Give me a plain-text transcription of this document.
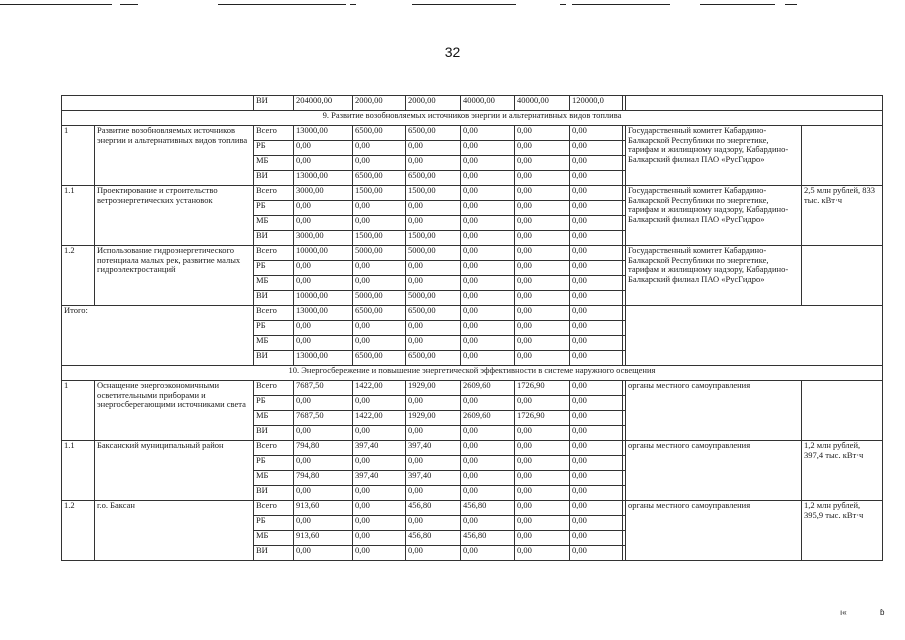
32
		ВИ	204000,00	2000,00	2000,00	40000,00	40000,00	120000,0			
9. Развитие возобновляемых источников энергии и альтернативных видов топлива											
1	Развитие возобновляемых источников энергии и альтернативных видов топлива	Всего	13000,00	6500,00	6500,00	0,00	0,00	0,00		Государственный комитет Кабардино-Балкарской Республики по энергетике, тарифам и жилищному надзору, Кабардино-Балкарский филиал ПАО «РусГидро»	
		РБ	0,00	0,00	0,00	0,00	0,00	0,00			
		МБ	0,00	0,00	0,00	0,00	0,00	0,00			
		ВИ	13000,00	6500,00	6500,00	0,00	0,00	0,00			
1.1	Проектирование и строительство ветроэнергетических установок	Всего	3000,00	1500,00	1500,00	0,00	0,00	0,00		Государственный комитет Кабардино-Балкарской Республики по энергетике, тарифам и жилищному надзору, Кабардино-Балкарский филиал ПАО «РусГидро»	2,5 млн рублей, 833 тыс. кВт·ч
		РБ	0,00	0,00	0,00	0,00	0,00	0,00			
		МБ	0,00	0,00	0,00	0,00	0,00	0,00			
		ВИ	3000,00	1500,00	1500,00	0,00	0,00	0,00			
1.2	Использование гидроэнергетического потенциала малых рек, развитие малых гидроэлектростанций	Всего	10000,00	5000,00	5000,00	0,00	0,00	0,00		Государственный комитет Кабардино-Балкарской Республики по энергетике, тарифам и жилищному надзору, Кабардино-Балкарский филиал ПАО «РусГидро»	
		РБ	0,00	0,00	0,00	0,00	0,00	0,00			
		МБ	0,00	0,00	0,00	0,00	0,00	0,00			
		ВИ	10000,00	5000,00	5000,00	0,00	0,00	0,00			
Итого:		Всего	13000,00	6500,00	6500,00	0,00	0,00	0,00			
		РБ	0,00	0,00	0,00	0,00	0,00	0,00			
		МБ	0,00	0,00	0,00	0,00	0,00	0,00			
		ВИ	13000,00	6500,00	6500,00	0,00	0,00	0,00			
10. Энергосбережение и повышение энергетической эффективности в системе наружного освещения											
1	Оснащение энергоэкономичными осветительными приборами и энергосберегающими источниками света	Всего	7687,50	1422,00	1929,00	2609,60	1726,90	0,00		органы местного самоуправления	
		РБ	0,00	0,00	0,00	0,00	0,00	0,00			
		МБ	7687,50	1422,00	1929,00	2609,60	1726,90	0,00			
		ВИ	0,00	0,00	0,00	0,00	0,00	0,00			
1.1	Баксанский муниципальный район	Всего	794,80	397,40	397,40	0,00	0,00	0,00		органы местного самоуправления	1,2 млн рублей, 397,4 тыс. кВт·ч
		РБ	0,00	0,00	0,00	0,00	0,00	0,00			
		МБ	794,80	397,40	397,40	0,00	0,00	0,00			
		ВИ	0,00	0,00	0,00	0,00	0,00	0,00			
1.2	г.о. Баксан	Всего	913,60	0,00	456,80	456,80	0,00	0,00		органы местного самоуправления	1,2 млн рублей, 395,9 тыс. кВт·ч
		РБ	0,00	0,00	0,00	0,00	0,00	0,00			
		МБ	913,60	0,00	456,80	456,80	0,00	0,00			
		ВИ	0,00	0,00	0,00	0,00	0,00	0,00			
ı«	ɓ
